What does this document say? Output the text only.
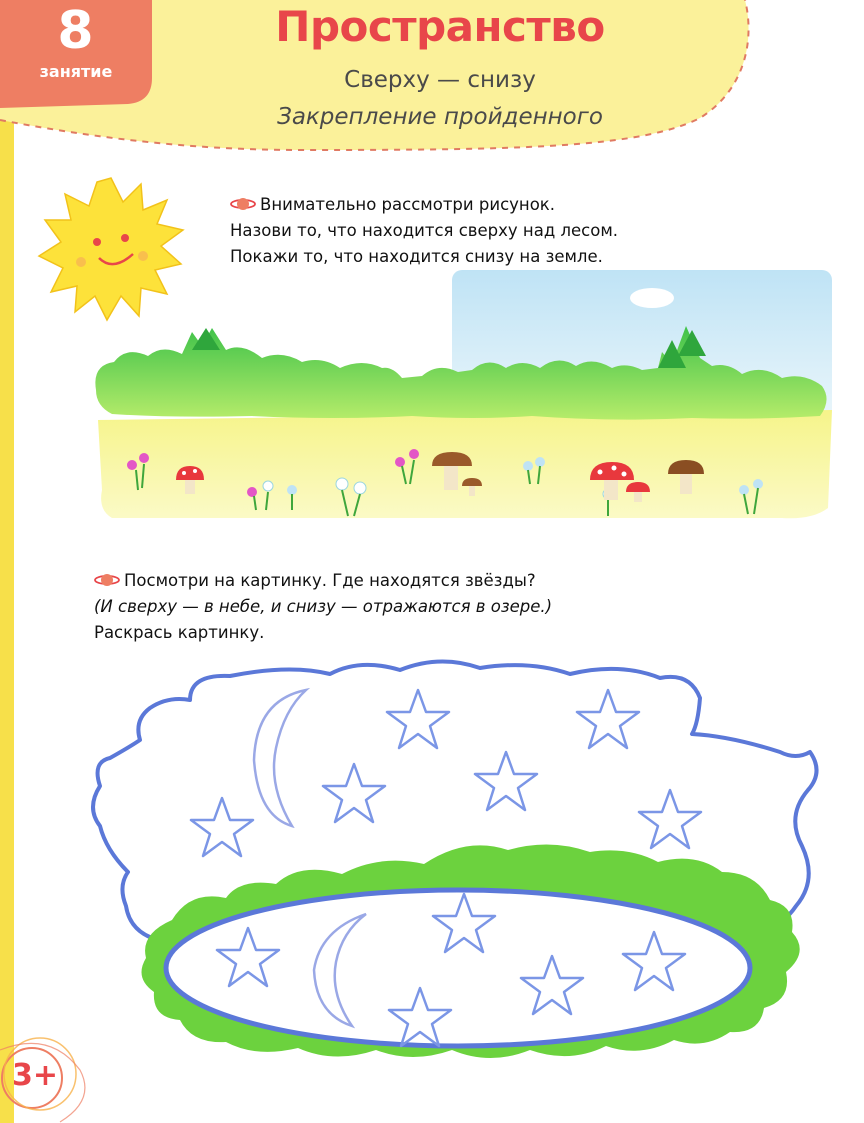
8
занятие
Пространство
Сверху — снизу
Закрепление пройденного

Внимательно рассмотри рисунок.

Назови то, что находится сверху над лесом.

Покажи то, что находится снизу на земле.

Посмотри на картинку. Где находятся звёзды?

(И сверху — в небе, и снизу — отражаются в озере.)

Раскрась картинку.

3+
